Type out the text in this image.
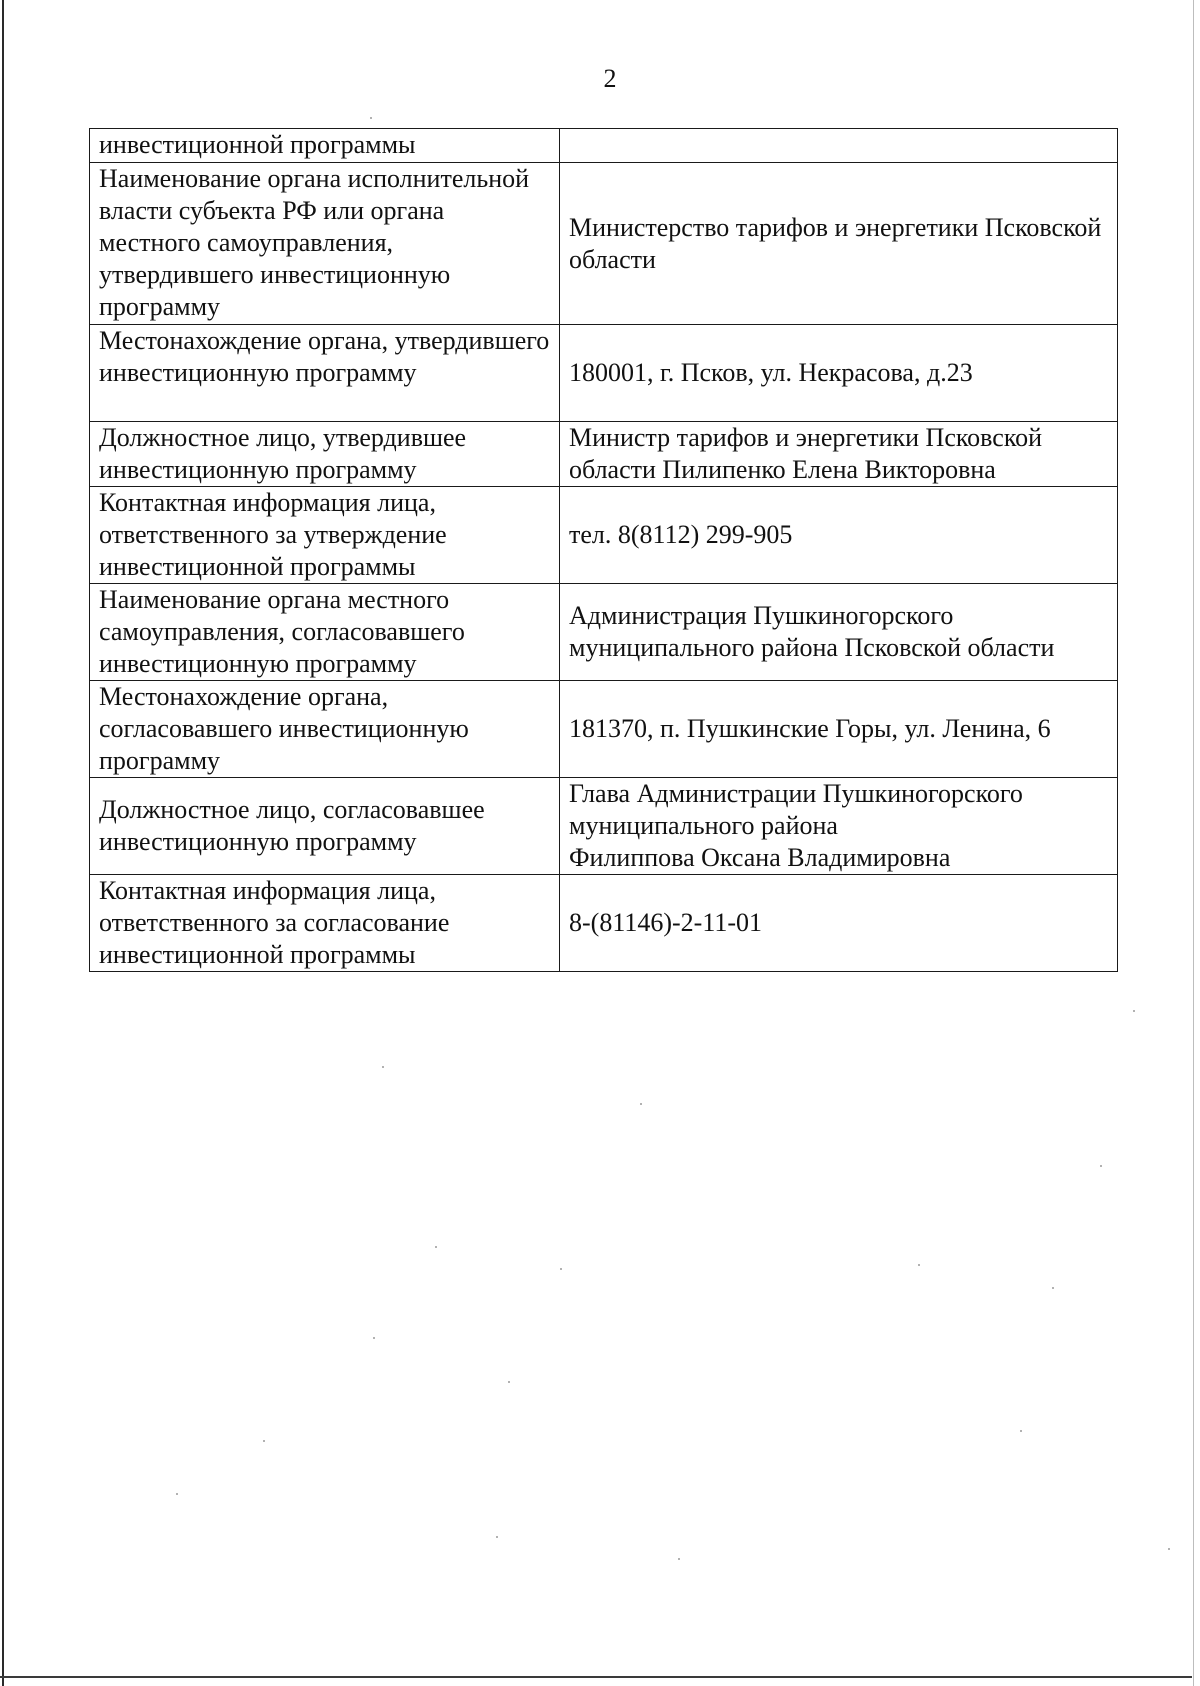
2
инвестиционной программы	
Наименование органа исполнительной власти субъекта РФ или органа местного самоуправления, утвердившего инвестиционную программу	Министерство тарифов и энергетики Псковской области
Местонахождение органа, утвердившего инвестиционную программу	180001, г. Псков, ул. Некрасова, д.23
Должностное лицо, утвердившее инвестиционную программу	Министр тарифов и энергетики Псковской области Пилипенко Елена Викторовна
Контактная информация лица, ответственного за утверждение инвестиционной программы	тел. 8(8112) 299-905
Наименование органа местного самоуправления, согласовавшего инвестиционную программу	Администрация Пушкиногорского муниципального района Псковской области
Местонахождение органа, согласовавшего инвестиционную программу	181370, п. Пушкинские Горы, ул. Ленина, 6
Должностное лицо, согласовавшее инвестиционную программу	Глава Администрации Пушкиногорского муниципального района
Филиппова Оксана Владимировна
Контактная информация лица, ответственного за согласование инвестиционной программы	8-(81146)-2-11-01
